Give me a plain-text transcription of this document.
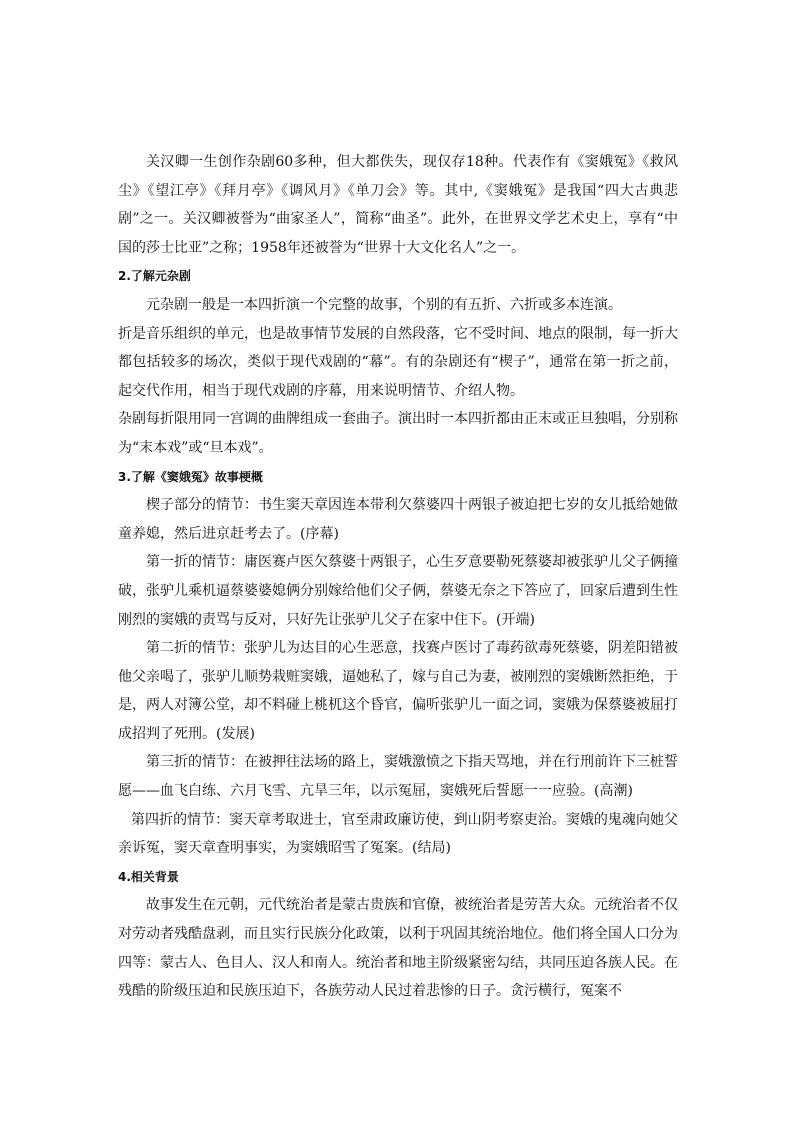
关汉卿一生创作杂剧60多种，但大都佚失，现仅存18种。代表作有《窦娥冤》《救风尘》《望江亭》《拜月亭》《调风月》《单刀会》等。其中,《窦娥冤》是我国“四大古典悲剧”之一。关汉卿被誉为“曲家圣人”，简称“曲圣”。此外，在世界文学艺术史上，享有“中国的莎士比亚”之称；1958年还被誉为“世界十大文化名人”之一。

2.了解元杂剧

元杂剧一般是一本四折演一个完整的故事，个别的有五折、六折或多本连演。

折是音乐组织的单元，也是故事情节发展的自然段落，它不受时间、地点的限制，每一折大都包括较多的场次，类似于现代戏剧的“幕”。有的杂剧还有“楔子”，通常在第一折之前，起交代作用，相当于现代戏剧的序幕，用来说明情节、介绍人物。

杂剧每折限用同一宫调的曲牌组成一套曲子。演出时一本四折都由正末或正旦独唱，分别称为“末本戏”或“旦本戏”。

3.了解《窦娥冤》故事梗概

楔子部分的情节：书生窦天章因连本带利欠蔡婆四十两银子被迫把七岁的女儿抵给她做童养媳，然后进京赶考去了。(序幕)

第一折的情节：庸医赛卢医欠蔡婆十两银子，心生歹意要勒死蔡婆却被张驴儿父子俩撞破，张驴儿乘机逼蔡婆婆媳俩分别嫁给他们父子俩，蔡婆无奈之下答应了，回家后遭到生性刚烈的窦娥的责骂与反对，只好先让张驴儿父子在家中住下。(开端)

第二折的情节：张驴儿为达目的心生恶意，找赛卢医讨了毒药欲毒死蔡婆，阴差阳错被他父亲喝了，张驴儿顺势栽赃窦娥，逼她私了，嫁与自己为妻，被刚烈的窦娥断然拒绝，于是，两人对簿公堂，却不料碰上桃杌这个昏官，偏听张驴儿一面之词，窦娥为保蔡婆被屈打成招判了死刑。(发展)

第三折的情节：在被押往法场的路上，窦娥激愤之下指天骂地，并在行刑前许下三桩誓愿——血飞白练、六月飞雪、亢旱三年，以示冤屈，窦娥死后誓愿一一应验。(高潮)

第四折的情节：窦天章考取进士，官至肃政廉访使，到山阴考察吏治。窦娥的鬼魂向她父亲诉冤，窦天章查明事实，为窦娥昭雪了冤案。(结局)

4.相关背景

故事发生在元朝，元代统治者是蒙古贵族和官僚，被统治者是劳苦大众。元统治者不仅对劳动者残酷盘剥，而且实行民族分化政策，以利于巩固其统治地位。他们将全国人口分为四等：蒙古人、色目人、汉人和南人。统治者和地主阶级紧密勾结，共同压迫各族人民。在残酷的阶级压迫和民族压迫下，各族劳动人民过着悲惨的日子。贪污横行，冤案不
